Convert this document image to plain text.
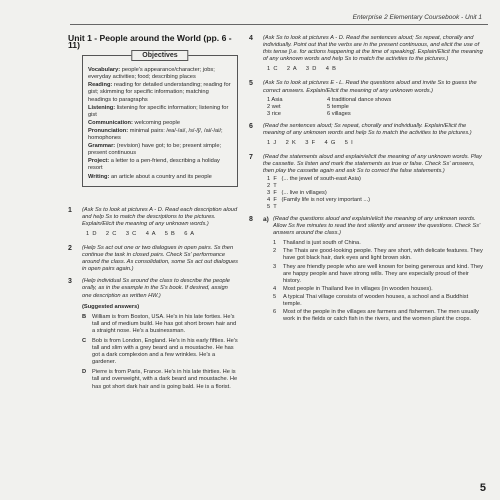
Enterprise 2 Elementary Coursebook - Unit 1
Unit 1 - People around the World (pp. 6 - 11)
Objectives
Vocabulary: people's appearance/character; jobs; everyday activities; food; describing places
Reading: reading for detailed understanding; reading for gist; skimming for specific information; matching headings to paragraphs
Listening: listening for specific information; listening for gist
Communication: welcoming people
Pronunciation: minimal pairs: /ea/-/ai/, /s/-/ʃ/, /ai/-/ai/; homophones
Grammar: (revision) have got; to be; present simple; present continuous
Project: a letter to a pen-friend, describing a holiday resort
Writing: an article about a country and its people
1	(Ask Ss to look at pictures A - D. Read each description aloud and help Ss to match the descriptions to the pictures. Explain/Elicit the meaning of any unknown words.)
1  D      2  C      3  C      4  A      5  B      6  A
2	(Help Ss act out one or two dialogues in open pairs. Ss then continue the task in closed pairs. Check Ss' performance around the class. As consolidation, some Ss act out dialogues in open pairs again.)
3	(Help individual Ss around the class to describe the people orally, as in the example in the S's book. If desired, assign one description as written HW.)
(Suggested answers)
B	William is from Boston, USA. He's in his late forties. He's tall and of medium build. He has got short brown hair and a straight nose. He's a businessman.
C	Bob is from London, England. He's in his early fifties. He's tall and slim with a grey beard and a moustache. He has got a dark complexion and a few wrinkles. He's a gardener.
D	Pierre is from Paris, France. He's in his late thirties. He is tall and overweight, with a dark beard and moustache. He has got short dark hair and is going bald. He is a florist.
4	(Ask Ss to look at pictures A - D. Read the sentences aloud; Ss repeat, chorally and individually. Point out that the verbs are in the present continuous, and elicit the use of this tense [i.e. for actions happening at the time of speaking]. Explain/Elicit the meaning of any unknown words and help Ss to match the activities to the pictures.)
1  C      2  A      3  D      4  B
5	(Ask Ss to look at pictures E - L. Read the questions aloud and invite Ss to guess the correct answers. Explain/Elicit the meaning of any unknown words.)
1 Asia	4 traditional dance shows
2 wet	5 temple
3 rice	6 villages
6	(Read the sentences aloud; Ss repeat, chorally and individually. Explain/Elicit the meaning of any unknown words and help Ss to match the activities to the pictures.)
1  J      2  K      3  F      4  G      5  I
7	(Read the statements aloud and explain/elicit the meaning of any unknown words. Play the cassette. Ss listen and mark the statements as true or false. Check Ss' answers, then play the cassette again and ask Ss to correct the false statements.)
1  F   (... the jewel of south-east Asia)
2  T
3  F   (... live in villages)
4  F   (Family life is not very important ...)
5  T
8	a) (Read the questions aloud and explain/elicit the meaning of any unknown words. Allow Ss five minutes to read the text silently and answer the questions. Check Ss' answers around the class.)
1	Thailand is just south of China.
2	The Thais are good-looking people. They are short, with delicate features. They have got black hair, dark eyes and light brown skin.
3	They are friendly people who are well known for being generous and kind. They are happy people and have strong wills. They are especially proud of their history.
4	Most people in Thailand live in villages (in wooden houses).
5	A typical Thai village consists of wooden houses, a school and a Buddhist temple.
6	Most of the people in the villages are farmers and fishermen. The men usually work in the fields or catch fish in the rivers, and the women plant the crops.
5
